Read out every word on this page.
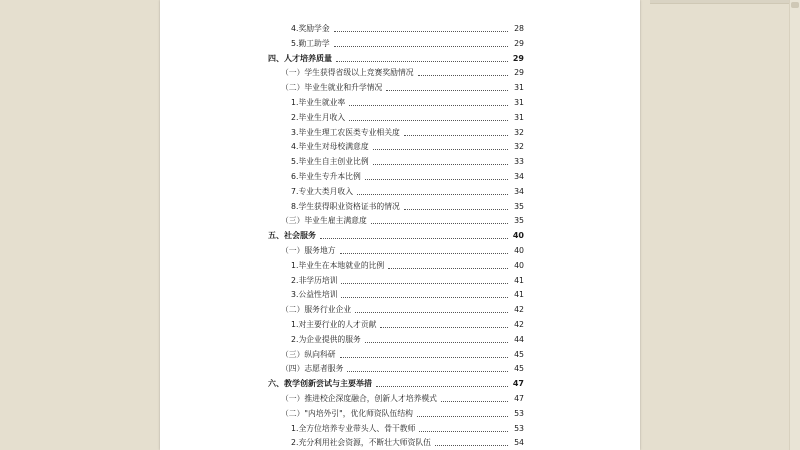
4.奖励学金	28
5.勤工助学	29
四、人才培养质量	29
（一）学生获得省级以上竞赛奖励情况	29
（二）毕业生就业和升学情况	31
1.毕业生就业率	31
2.毕业生月收入	31
3.毕业生理工农医类专业相关度	32
4.毕业生对母校满意度	32
5.毕业生自主创业比例	33
6.毕业生专升本比例	34
7.专业大类月收入	34
8.学生获得职业资格证书的情况	35
（三）毕业生雇主满意度	35
五、社会服务	40
（一）服务地方	40
1.毕业生在本地就业的比例	40
2.非学历培训	41
3.公益性培训	41
（二）服务行业企业	42
1.对主要行业的人才贡献	42
2.为企业提供的服务	44
（三）纵向科研	45
（四）志愿者服务	45
六、教学创新尝试与主要举措	47
（一）推进校企深度融合，创新人才培养模式	47
（二）"内培外引"，优化师资队伍结构	53
1.全方位培养专业带头人、骨干教师	53
2.充分利用社会资源，不断壮大师资队伍	54
